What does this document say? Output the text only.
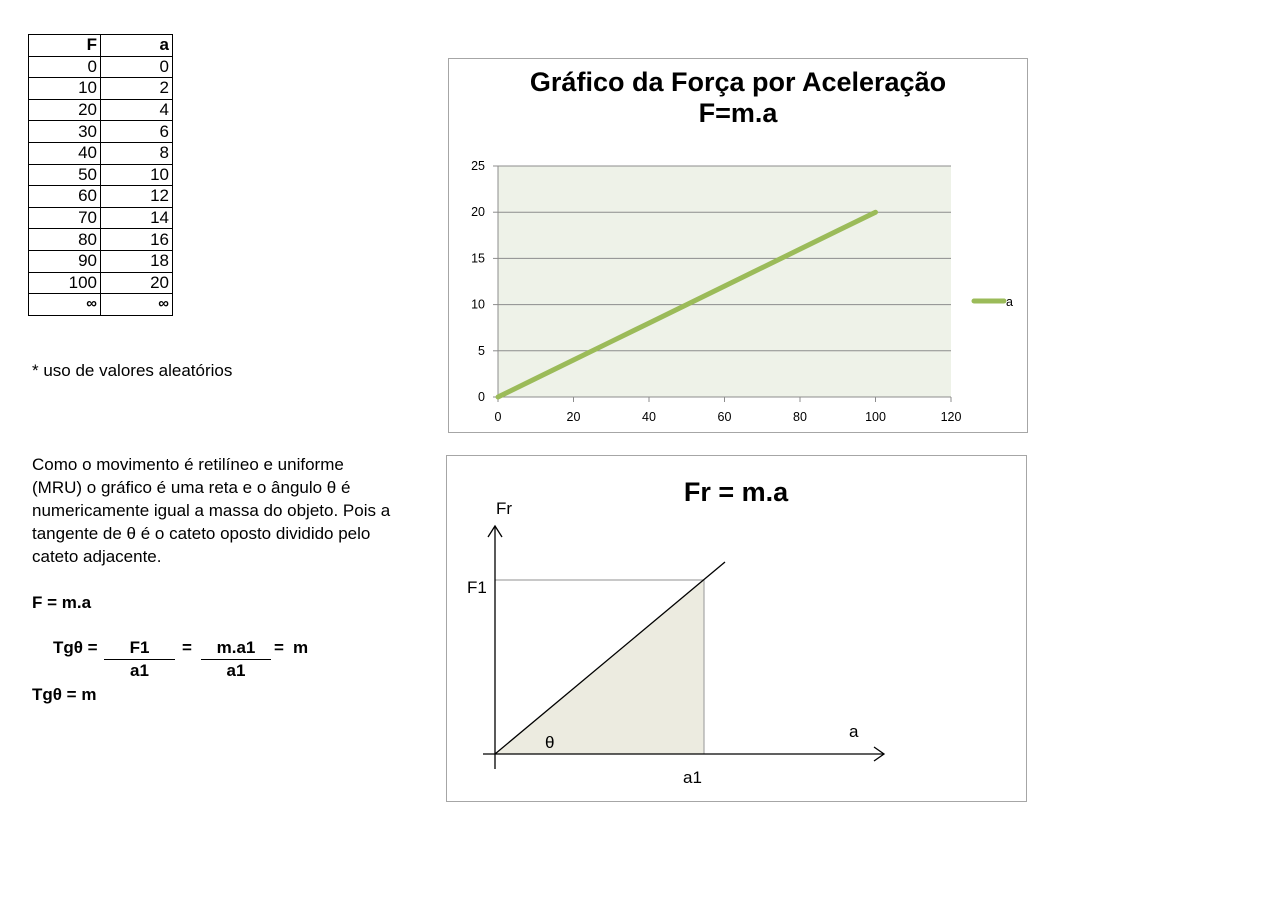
F	a
0	0
10	2
20	4
30	6
40	8
50	10
60	12
70	14
80	16
90	18
100	20
∞	∞
* uso de valores aleatórios
Como o movimento é retilíneo e uniforme (MRU) o gráfico é uma reta e o ângulo θ é numericamente igual a massa do objeto. Pois a tangente de θ é o cateto oposto dividido pelo cateto adjacente.
F = m.a
$Tg\theta = \frac{F1}{a1} = \frac{m.a1}{a1} = m$
Tgθ = m
Gráfico da Força por Aceleração
F=m.a
0
5
10
15
20
25
0	20	40	60	80	100	120
a
Fr = m.a
Fr
F1
a1
a
θ
